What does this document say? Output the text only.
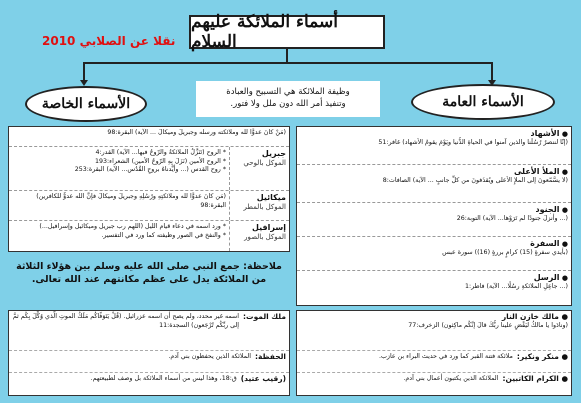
أسماء الملائكة عليهم السلام
نقلا عن الصلابي 2010
الأسماء الخاصة	الأسماء العامة
وظيفة الملائكة هي التسبيح والعبادة
وتنفيذ أمر الله دون ملل ولا فتور.
● الأشهاد
(إنّا لننصرُ رُسُلَنا والذين آمنوا في الحياةِ الدُّنيا ويَوْمَ يقومُ الأشهاد) غافر:51
● الملأ الأعلى
(لا يسَّمّعونَ إلى الملإِ الأعلى ويُقذَفونَ من كلِّ جانبٍ ... الآية) الصافات:8
● الجنود
(... وأنزلَ جنودًا لم تَرَوْها... الآية) التوبة:26
● السفرة
(بأيدي سفرةٍ (15) كرامٍ بررةٍ (16)) سورة عبس
● الرسل
(... جاعِلِ الملائكةِ رسُلًا... الآية) فاطر:1
(مَنْ كانَ عدوًّا لله وملائكته ورسله وجبريلَ وميكالَ ... الآية) البقرة:98
جبريل
الموكل بالوحي
* الروح (تَنَزَّلُ الملائكةُ والرّوحُ فيها... الآية) القدر:4
* الروح الأمين (نَزَلَ بِهِ الرّوحُ الأمين) الشعراء:193
* روح القدس (... وأيَّدناهُ بروحِ القُدُس... الآية) البقرة:253
ميكائيل
الموكل بالمطر
(مَن كانَ عدوًّا لله وملائكتِهِ ورُسُلِهِ وجبريلَ وميكالَ فإنَّ الله عدوٌّ للكافرين) البقرة:98
إسرافيل
الموكل بالصور
* ورد اسمه في دعاء قيام الليل (اللهم رب جبريل وميكائيل وإسرافيل...)
* والنفخ في الصور وظيفته كما ورد في التفسير.
ملاحظة: جمع النبي صلى الله عليه وسلم بين هؤلاء الثلاثة من الملائكة يدل على عظم مكانتهم عند الله تعالى.
ملك الموت:
اسمه غير محدد، ولم يصح أن اسمه عزرائيل. (قُلْ يَتَوَفّاكُم مَلَكُ الموتِ الّذي وُكِّلَ بِكُم ثمَّ إلى ربِّكُم تُرْجَعون) السجدة:11
الحفظة:
الملائكة الذين يحفظون بني آدم.
(رقيب عتيد)
ق:18، وهذا ليس من أسماء الملائكة بل وصف لطبيعتهم.
● مالك خازن النار
(ونادَوا يا مالكُ ليَقْضِ علينا ربُّكَ قالَ إنَّكُم ماكِثون) الزخرف:77
● منكر ونكير:
ملائكة فتنة القبر كما ورد في حديث البراء بن عازب.
● الكرام الكاتبين:
الملائكة الذين يكتبون أعمال بني آدم.
